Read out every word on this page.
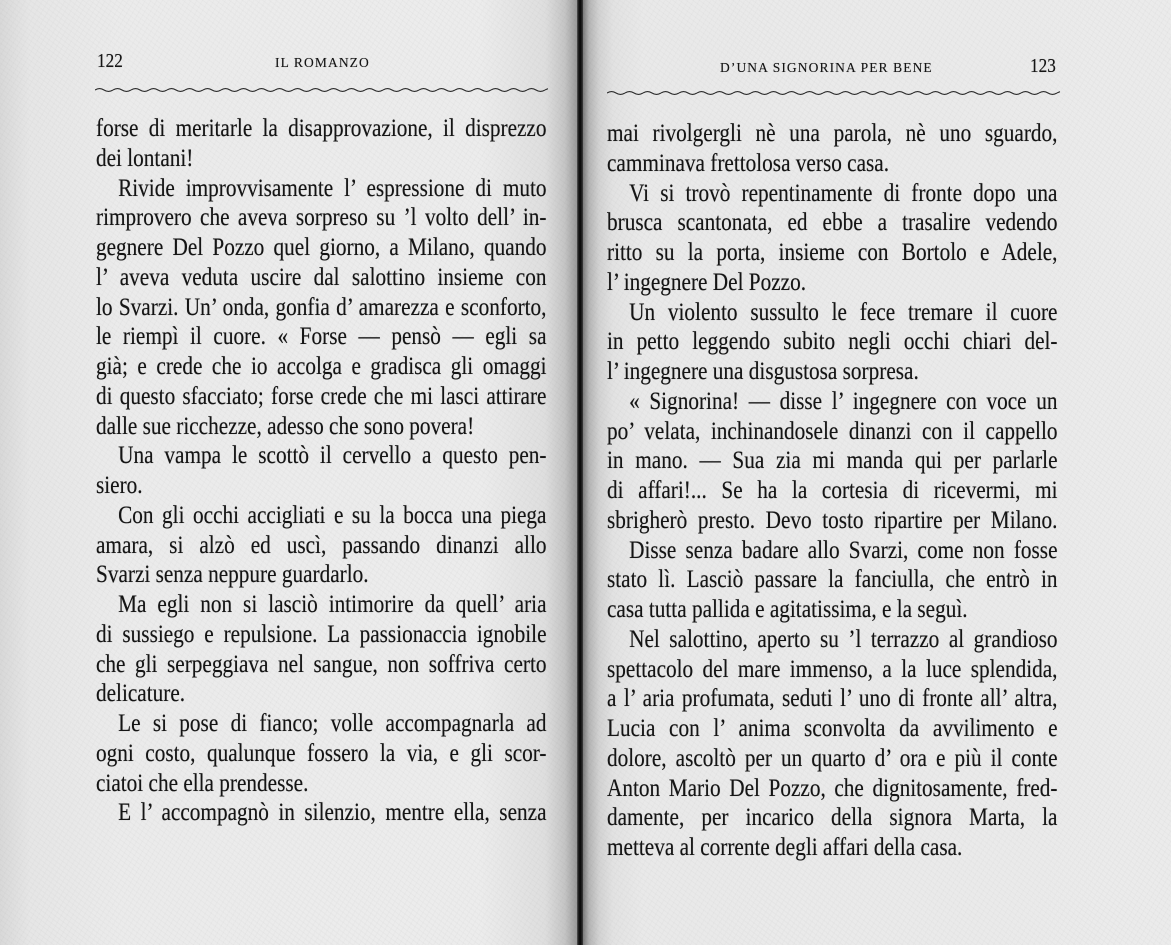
122	IL ROMANZO
forse di meritarle la disapprovazione, il disprezzo
dei lontani!
Rivide improvvisamente l’ espressione di muto
rimprovero che aveva sorpreso su ’l volto dell’ in-
gegnere Del Pozzo quel giorno, a Milano, quando
l’ aveva veduta uscire dal salottino insieme con
lo Svarzi. Un’ onda, gonfia d’ amarezza e sconforto,
le riempì il cuore. « Forse — pensò — egli sa
già; e crede che io accolga e gradisca gli omaggi
di questo sfacciato; forse crede che mi lasci attirare
dalle sue ricchezze, adesso che sono povera!
Una vampa le scottò il cervello a questo pen-
siero.
Con gli occhi accigliati e su la bocca una piega
amara, si alzò ed uscì, passando dinanzi allo
Svarzi senza neppure guardarlo.
Ma egli non si lasciò intimorire da quell’ aria
di sussiego e repulsione. La passionaccia ignobile
che gli serpeggiava nel sangue, non soffriva certo
delicature.
Le si pose di fianco; volle accompagnarla ad
ogni costo, qualunque fossero la via, e gli scor-
ciatoi che ella prendesse.
E l’ accompagnò in silenzio, mentre ella, senza
D’UNA SIGNORINA PER BENE	123
mai rivolgergli nè una parola, nè uno sguardo,
camminava frettolosa verso casa.
Vi si trovò repentinamente di fronte dopo una
brusca scantonata, ed ebbe a trasalire vedendo
ritto su la porta, insieme con Bortolo e Adele,
l’ ingegnere Del Pozzo.
Un violento sussulto le fece tremare il cuore
in petto leggendo subito negli occhi chiari del-
l’ ingegnere una disgustosa sorpresa.
« Signorina! — disse l’ ingegnere con voce un
po’ velata, inchinandosele dinanzi con il cappello
in mano. — Sua zia mi manda qui per parlarle
di affari!... Se ha la cortesia di ricevermi, mi
sbrigherò presto. Devo tosto ripartire per Milano.
Disse senza badare allo Svarzi, come non fosse
stato lì. Lasciò passare la fanciulla, che entrò in
casa tutta pallida e agitatissima, e la seguì.
Nel salottino, aperto su ’l terrazzo al grandioso
spettacolo del mare immenso, a la luce splendida,
a l’ aria profumata, seduti l’ uno di fronte all’ altra,
Lucia con l’ anima sconvolta da avvilimento e
dolore, ascoltò per un quarto d’ ora e più il conte
Anton Mario Del Pozzo, che dignitosamente, fred-
damente, per incarico della signora Marta, la
metteva al corrente degli affari della casa.
